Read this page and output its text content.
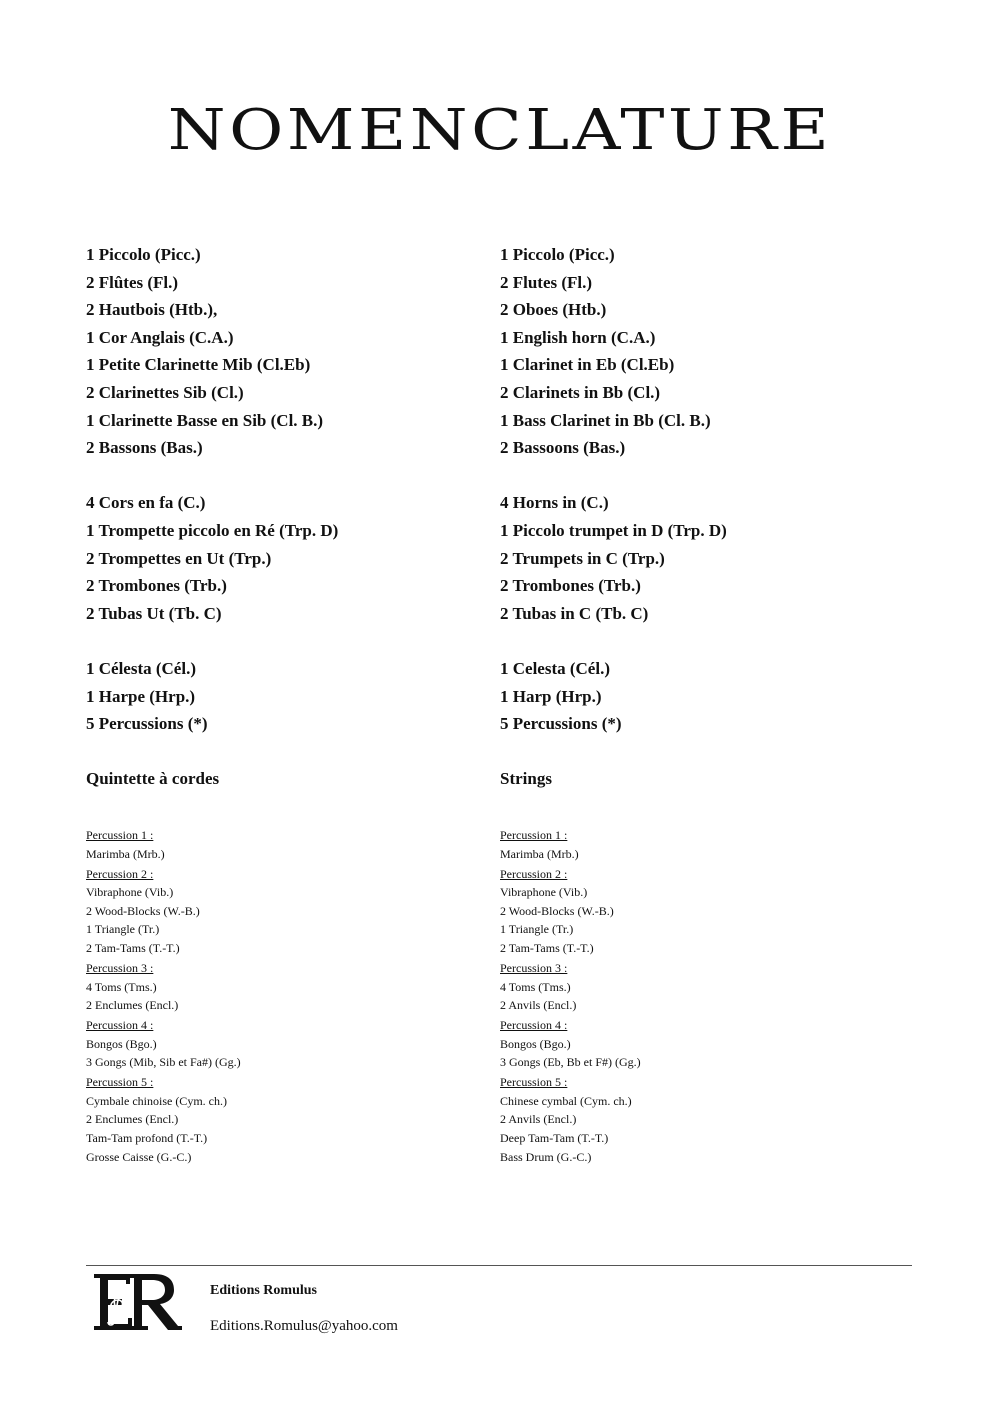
NOMENCLATURE
1 Piccolo (Picc.)
2 Flûtes (Fl.)
2 Hautbois (Htb.),
1 Cor Anglais (C.A.)
1 Petite Clarinette Mib (Cl.Eb)
2 Clarinettes Sib (Cl.)
1 Clarinette Basse en Sib (Cl. B.)
2 Bassons (Bas.)
4 Cors en fa (C.)
1 Trompette piccolo en Ré (Trp. D)
2 Trompettes en Ut (Trp.)
2 Trombones (Trb.)
2 Tubas Ut (Tb. C)
1 Célesta (Cél.)
1 Harpe (Hrp.)
5 Percussions (*)
Quintette à cordes
1 Piccolo (Picc.)
2 Flutes (Fl.)
2 Oboes (Htb.)
1 English horn (C.A.)
1 Clarinet in Eb (Cl.Eb)
2 Clarinets in Bb (Cl.)
1 Bass Clarinet in Bb (Cl. B.)
2 Bassoons (Bas.)
4 Horns in (C.)
1 Piccolo trumpet in D (Trp. D)
2 Trumpets in C (Trp.)
2 Trombones (Trb.)
2 Tubas in C (Tb. C)
1 Celesta (Cél.)
1 Harp (Hrp.)
5 Percussions (*)
Strings
Percussion 1 :
Marimba (Mrb.)
Percussion 2 :
Vibraphone (Vib.)
2 Wood-Blocks (W.-B.)
1 Triangle (Tr.)
2 Tam-Tams (T.-T.)
Percussion 3 :
4 Toms (Tms.)
2 Enclumes (Encl.)
Percussion 4 :
Bongos (Bgo.)
3 Gongs (Mib, Sib et Fa#) (Gg.)
Percussion 5 :
Cymbale chinoise (Cym. ch.)
2 Enclumes (Encl.)
Tam-Tam profond (T.-T.)
Grosse Caisse (G.-C.)
Percussion 1 :
Marimba (Mrb.)
Percussion 2 :
Vibraphone (Vib.)
2 Wood-Blocks (W.-B.)
1 Triangle (Tr.)
2 Tam-Tams (T.-T.)
Percussion 3 :
4 Toms (Tms.)
2 Anvils (Encl.)
Percussion 4 :
Bongos (Bgo.)
3 Gongs (Eb, Bb et F#) (Gg.)
Percussion 5 :
Chinese cymbal (Cym. ch.)
2 Anvils (Encl.)
Deep Tam-Tam (T.-T.)
Bass Drum (G.-C.)
Editions Romulus
Editions.Romulus@yahoo.com
